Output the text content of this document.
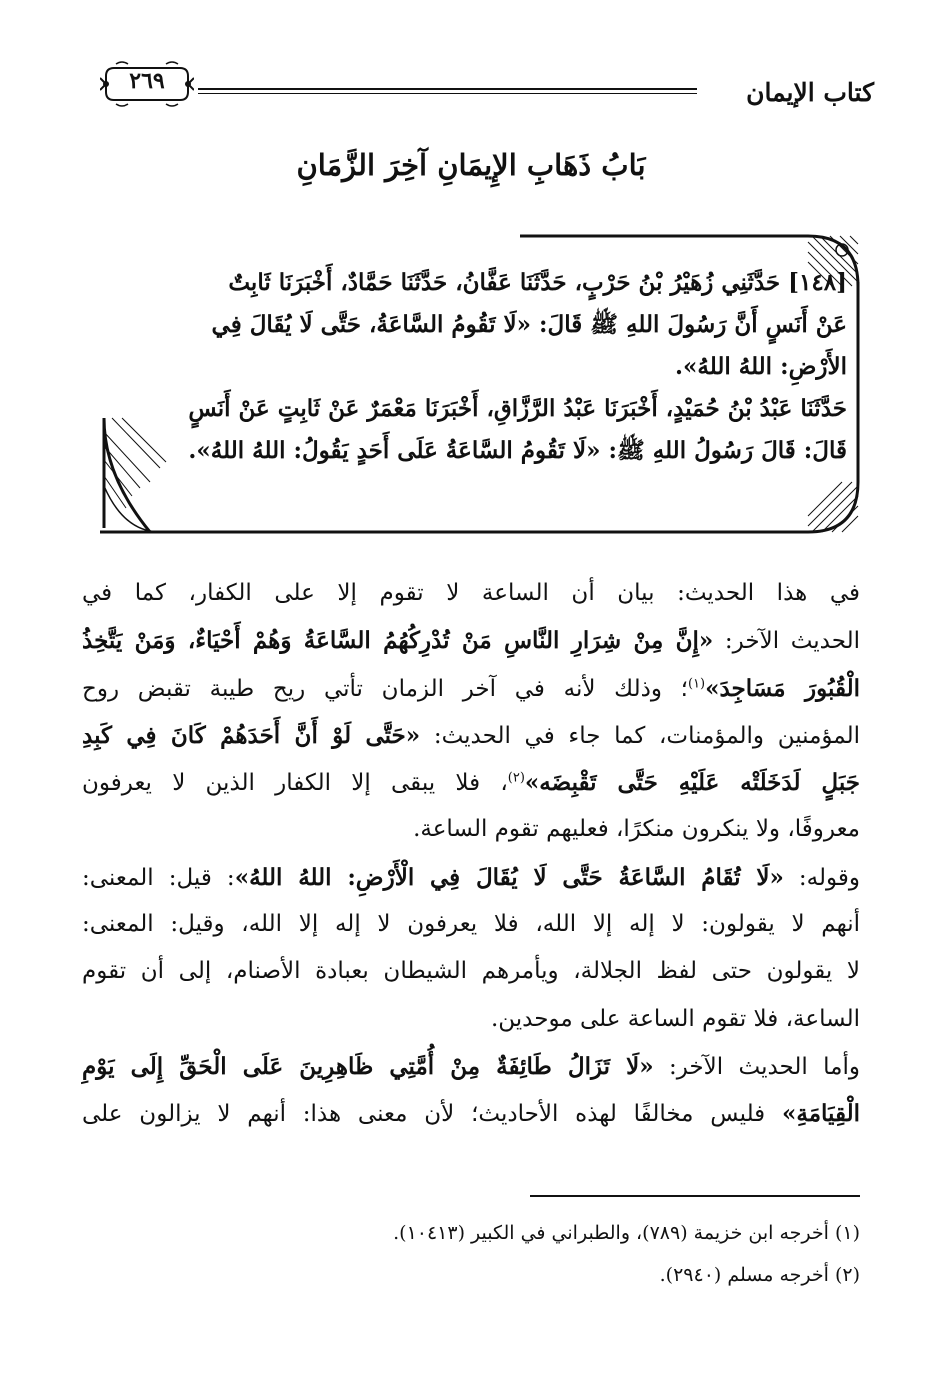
كتاب الإيمان
٢٦٩
بَابُ ذَهَابِ الإِيمَانِ آخِرَ الزَّمَانِ

[١٤٨] حَدَّثَنِي زُهَيْرُ بْنُ حَرْبٍ، حَدَّثَنَا عَفَّانُ، حَدَّثَنَا حَمَّادٌ، أَخْبَرَنَا ثَابِتٌ

عَنْ أَنَسٍ أَنَّ رَسُولَ اللهِ ﷺ قَالَ: «لَا تَقُومُ السَّاعَةُ، حَتَّى لَا يُقَالَ فِي

الأَرْضِ: اللهُ اللهُ».

حَدَّثَنَا عَبْدُ بْنُ حُمَيْدٍ، أَخْبَرَنَا عَبْدُ الرَّزَّاقِ، أَخْبَرَنَا مَعْمَرٌ عَنْ ثَابِتٍ عَنْ أَنَسٍ

قَالَ: قَالَ رَسُولُ اللهِ ﷺ: «لَا تَقُومُ السَّاعَةُ عَلَى أَحَدٍ يَقُولُ: اللهُ اللهُ».

في هذا الحديث: بيان أن الساعة لا تقوم إلا على الكفار، كما في
الحديث الآخر: «إِنَّ مِنْ شِرَارِ النَّاسِ مَنْ تُدْرِكُهُمُ السَّاعَةُ وَهُمْ أَحْيَاءٌ، وَمَنْ يَتَّخِذُ
الْقُبُورَ مَسَاجِدَ»$^{(١)}$؛ وذلك لأنه في آخر الزمان تأتي ريح طيبة تقبض روح
المؤمنين والمؤمنات، كما جاء في الحديث: «حَتَّى لَوْ أَنَّ أَحَدَهُمْ كَانَ فِي كَبِدِ
جَبَلٍ لَدَخَلَتْه عَلَيْهِ حَتَّى تَقْبِضَه»$^{(٢)}$، فلا يبقى إلا الكفار الذين لا يعرفون
معروفًا، ولا ينكرون منكرًا، فعليهم تقوم الساعة.
وقوله: «لَا تُقَامُ السَّاعَةُ حَتَّى لَا يُقَالَ فِي الْأَرْضِ: اللهُ اللهُ»: قيل: المعنى:
أنهم لا يقولون: لا إله إلا الله، فلا يعرفون لا إله إلا الله، وقيل: المعنى:
لا يقولون حتى لفظ الجلالة، ويأمرهم الشيطان بعبادة الأصنام، إلى أن تقوم
الساعة، فلا تقوم الساعة على موحدين.
وأما الحديث الآخر: «لَا تَزَالُ طَائِفَةٌ مِنْ أُمَّتِي ظَاهِرِينَ عَلَى الْحَقِّ إِلَى يَوْمِ
الْقِيَامَةِ» فليس مخالفًا لهذه الأحاديث؛ لأن معنى هذا: أنهم لا يزالون على
(١) أخرجه ابن خزيمة (٧٨٩)، والطبراني في الكبير (١٠٤١٣).
(٢) أخرجه مسلم (٢٩٤٠).
